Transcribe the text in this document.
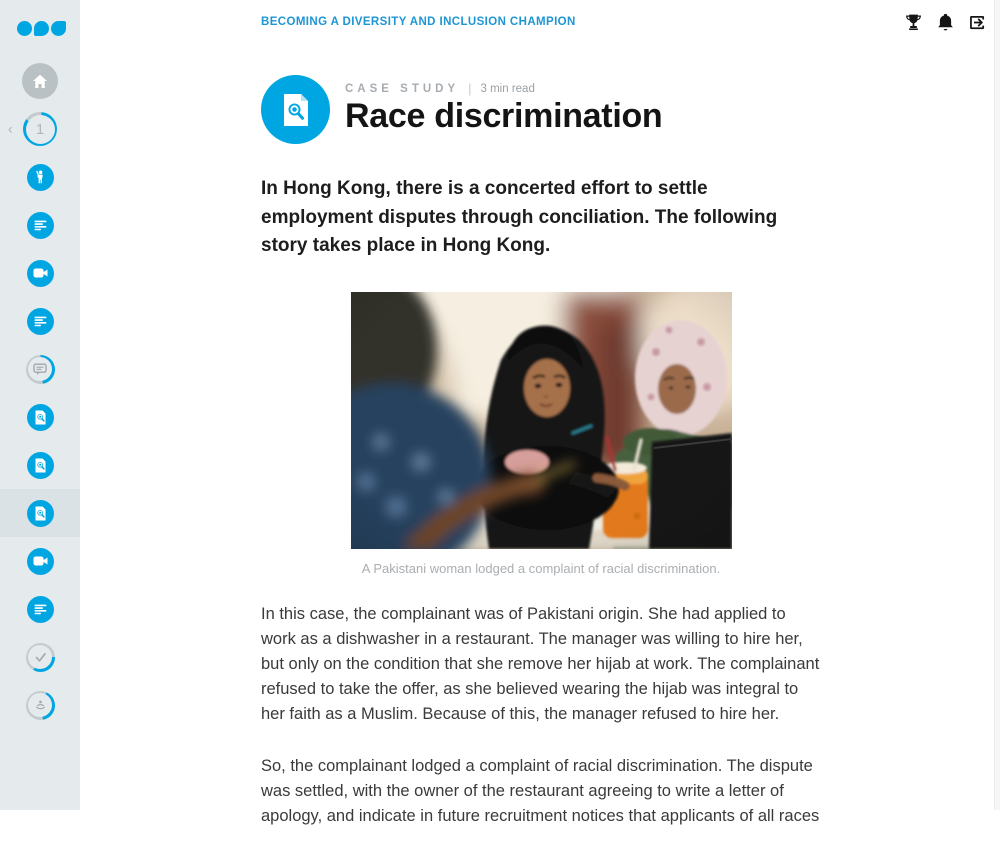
‹	1
BECOMING A DIVERSITY AND INCLUSION CHAMPION
CASE STUDY | 3 min read
Race discrimination
In Hong Kong, there is a concerted effort to settle employment disputes through conciliation. The following story takes place in Hong Kong.
A Pakistani woman lodged a complaint of racial discrimination.

In this case, the complainant was of Pakistani origin. She had applied to work as a dishwasher in a restaurant. The manager was willing to hire her, but only on the condition that she remove her hijab at work. The complainant refused to take the offer, as she believed wearing the hijab was integral to her faith as a Muslim. Because of this, the manager refused to hire her.

So, the complainant lodged a complaint of racial discrimination. The dispute was settled, with the owner of the restaurant agreeing to write a letter of apology, and indicate in future recruitment notices that applicants of all races
